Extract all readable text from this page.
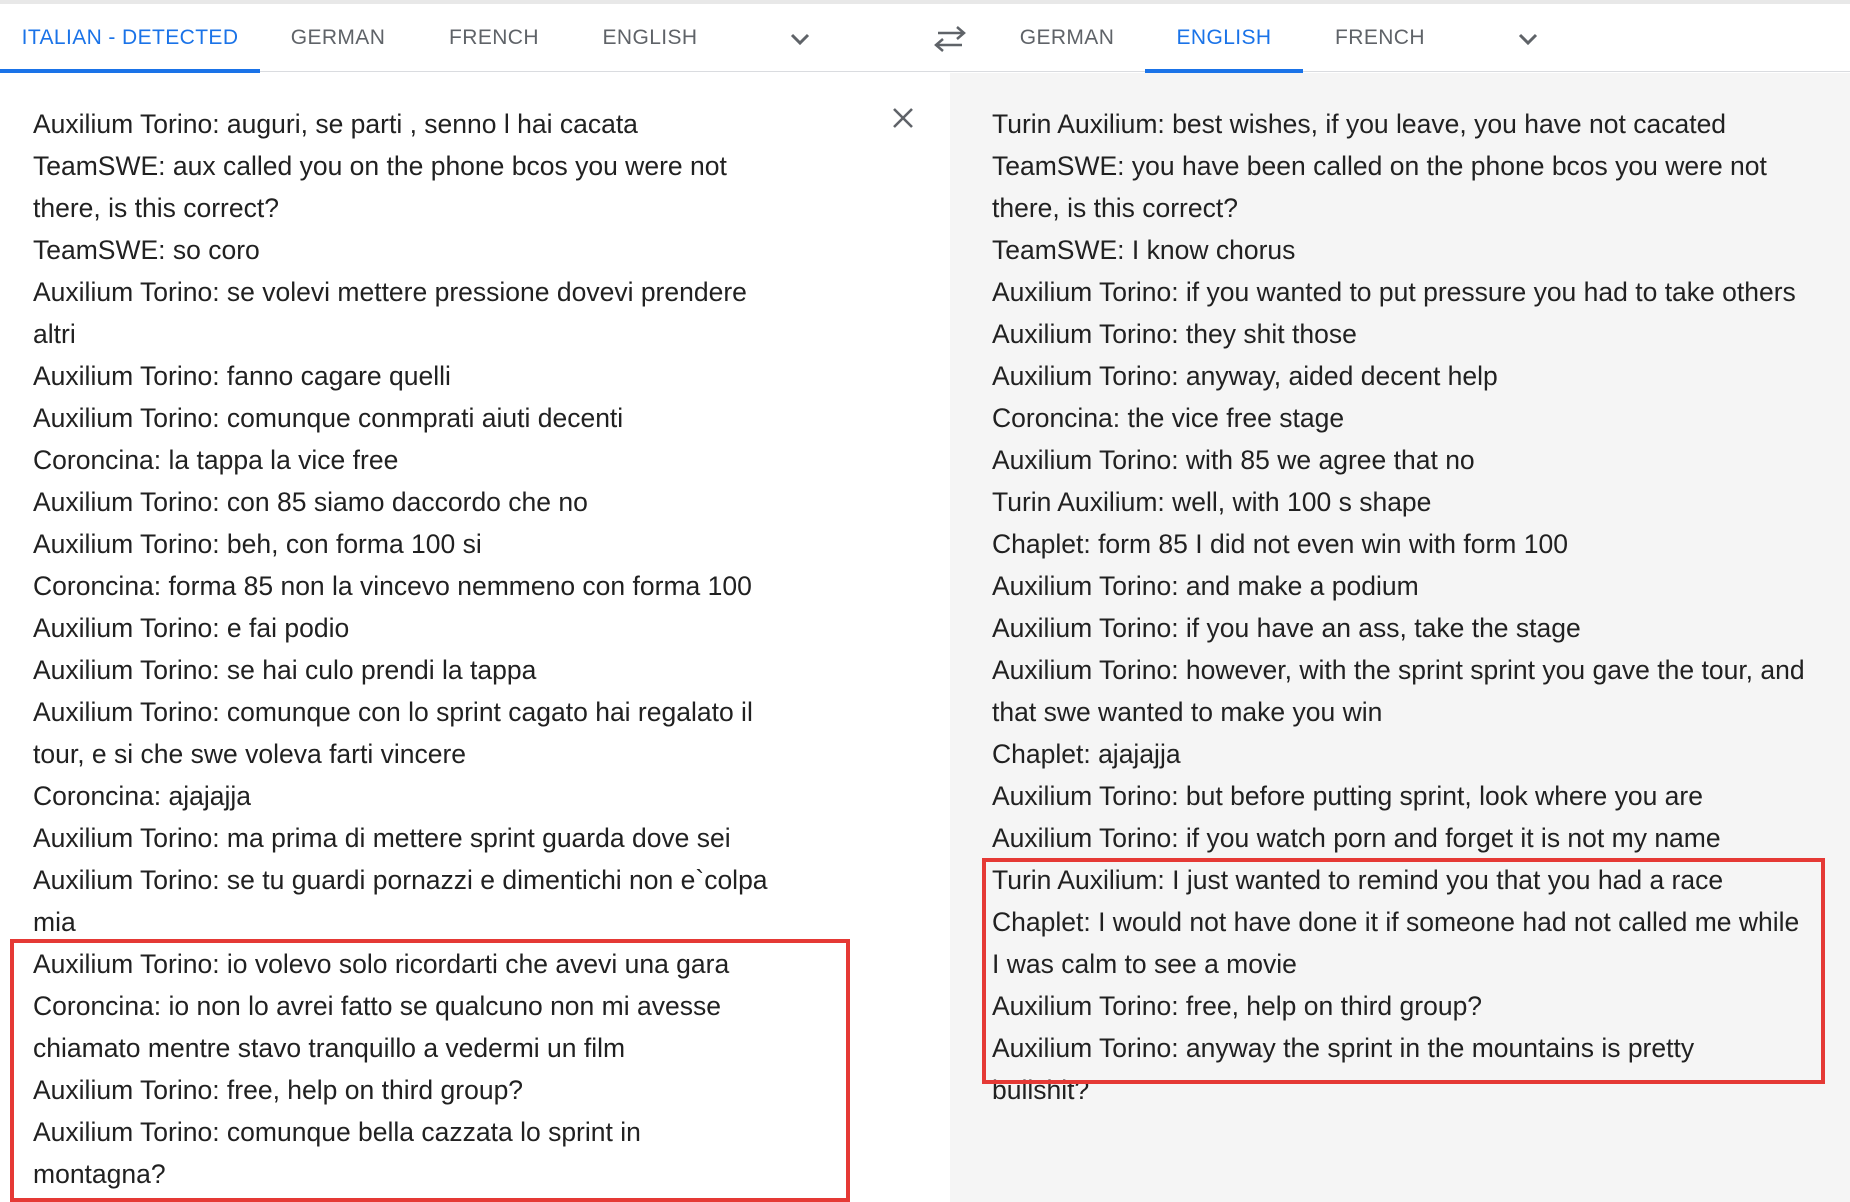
ITALIAN - DETECTED	GERMAN	FRENCH	ENGLISH	GERMAN	ENGLISH	FRENCH
Auxilium Torino: auguri, se parti , senno l hai cacata
TeamSWE: aux called you on the phone bcos you were not
there, is this correct?
TeamSWE: so coro
Auxilium Torino: se volevi mettere pressione dovevi prendere
altri
Auxilium Torino: fanno cagare quelli
Auxilium Torino: comunque conmprati aiuti decenti
Coroncina: la tappa la vice free
Auxilium Torino: con 85 siamo daccordo che no
Auxilium Torino: beh, con forma 100 si
Coroncina: forma 85 non la vincevo nemmeno con forma 100
Auxilium Torino: e fai podio
Auxilium Torino: se hai culo prendi la tappa
Auxilium Torino: comunque con lo sprint cagato hai regalato il
tour, e si che swe voleva farti vincere
Coroncina: ajajajja
Auxilium Torino: ma prima di mettere sprint guarda dove sei
Auxilium Torino: se tu guardi pornazzi e dimentichi non e`colpa
mia
Auxilium Torino: io volevo solo ricordarti che avevi una gara
Coroncina: io non lo avrei fatto se qualcuno non mi avesse
chiamato mentre stavo tranquillo a vedermi un film
Auxilium Torino: free, help on third group?
Auxilium Torino: comunque bella cazzata lo sprint in
montagna?
Turin Auxilium: best wishes, if you leave, you have not cacated
TeamSWE: you have been called on the phone bcos you were not
there, is this correct?
TeamSWE: I know chorus
Auxilium Torino: if you wanted to put pressure you had to take others
Auxilium Torino: they shit those
Auxilium Torino: anyway, aided decent help
Coroncina: the vice free stage
Auxilium Torino: with 85 we agree that no
Turin Auxilium: well, with 100 s shape
Chaplet: form 85 I did not even win with form 100
Auxilium Torino: and make a podium
Auxilium Torino: if you have an ass, take the stage
Auxilium Torino: however, with the sprint sprint you gave the tour, and
that swe wanted to make you win
Chaplet: ajajajja
Auxilium Torino: but before putting sprint, look where you are
Auxilium Torino: if you watch porn and forget it is not my name
Turin Auxilium: I just wanted to remind you that you had a race
Chaplet: I would not have done it if someone had not called me while
I was calm to see a movie
Auxilium Torino: free, help on third group?
Auxilium Torino: anyway the sprint in the mountains is pretty
bullshit?
